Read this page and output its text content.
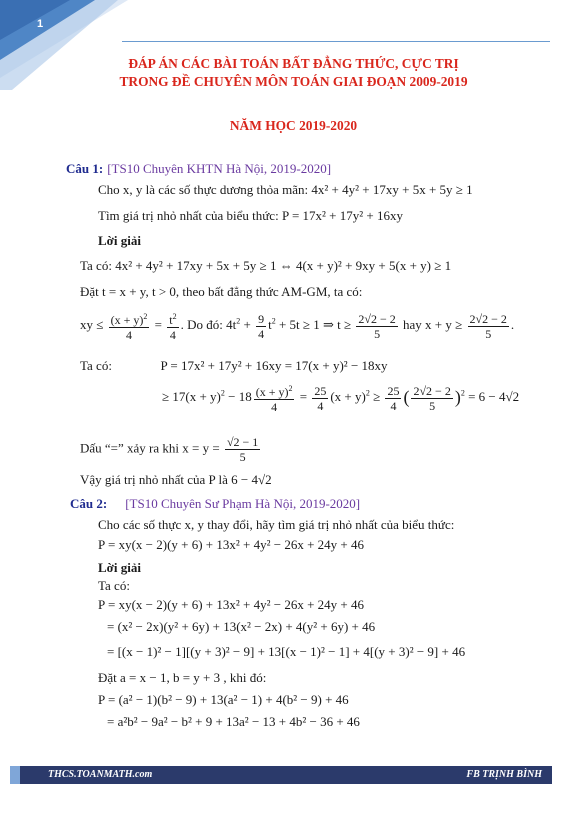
1
ĐÁP ÁN CÁC BÀI TOÁN BẤT ĐẲNG THỨC, CỰC TRỊ
TRONG ĐỀ CHUYÊN MÔN TOÁN GIAI ĐOẠN 2009-2019
NĂM HỌC 2019-2020
Câu 1: [TS10 Chuyên KHTN Hà Nội, 2019-2020]
Cho x, y là các số thực dương thỏa mãn: 4x² + 4y² + 17xy + 5x + 5y ≥ 1
Tìm giá trị nhỏ nhất của biểu thức: P = 17x² + 17y² + 16xy
Lời giải
Ta có: 4x² + 4y² + 17xy + 5x + 5y ≥ 1 ⇔ 4(x + y)² + 9xy + 5(x + y) ≥ 1
Đặt t = x + y, t > 0, theo bất đẳng thức AM-GM, ta có:
xy ≤ $\frac{(x + y)^2}{4} = \frac{t^2}{4}$ . Do đó: $4t^2 + \frac{9}{4} t^2 + 5t \ge 1$ ⇒ $t \ge \frac{2√2 - 2}{5}$ hay $x + y \ge \frac{2√2 - 2}{5}$ .
Ta có:	P = 17x² + 17y² + 16xy = 17(x + y)² − 18xy
≥ $17(x + y)^2 - 18 \frac{(x + y)^2}{4} = \frac{25}{4} (x + y)^2 \ge \frac{25}{4}$ ( $\frac{2√2 - 2}{5} )^2 = 6 - 4√2$
Dấu “=” xảy ra khi $x = y = \frac{√2 - 1}{5}$
Vậy giá trị nhỏ nhất của P là 6 − 4√2
Câu 2: [TS10 Chuyên Sư Phạm Hà Nội, 2019-2020]
Cho các số thực x, y thay đổi, hãy tìm giá trị nhỏ nhất của biểu thức:
P = xy(x − 2)(y + 6) + 13x² + 4y² − 26x + 24y + 46
Lời giải
Ta có:
P = xy(x − 2)(y + 6) + 13x² + 4y² − 26x + 24y + 46
= (x² − 2x)(y² + 6y) + 13(x² − 2x) + 4(y² + 6y) + 46
= [(x − 1)² − 1][(y + 3)² − 9] + 13[(x − 1)² − 1] + 4[(y + 3)² − 9] + 46
Đặt a = x − 1, b = y + 3 , khi đó:
P = (a² − 1)(b² − 9) + 13(a² − 1) + 4(b² − 9) + 46
= a²b² − 9a² − b² + 9 + 13a² − 13 + 4b² − 36 + 46
THCS.TOANMATH.com	FB TRỊNH BÌNH
